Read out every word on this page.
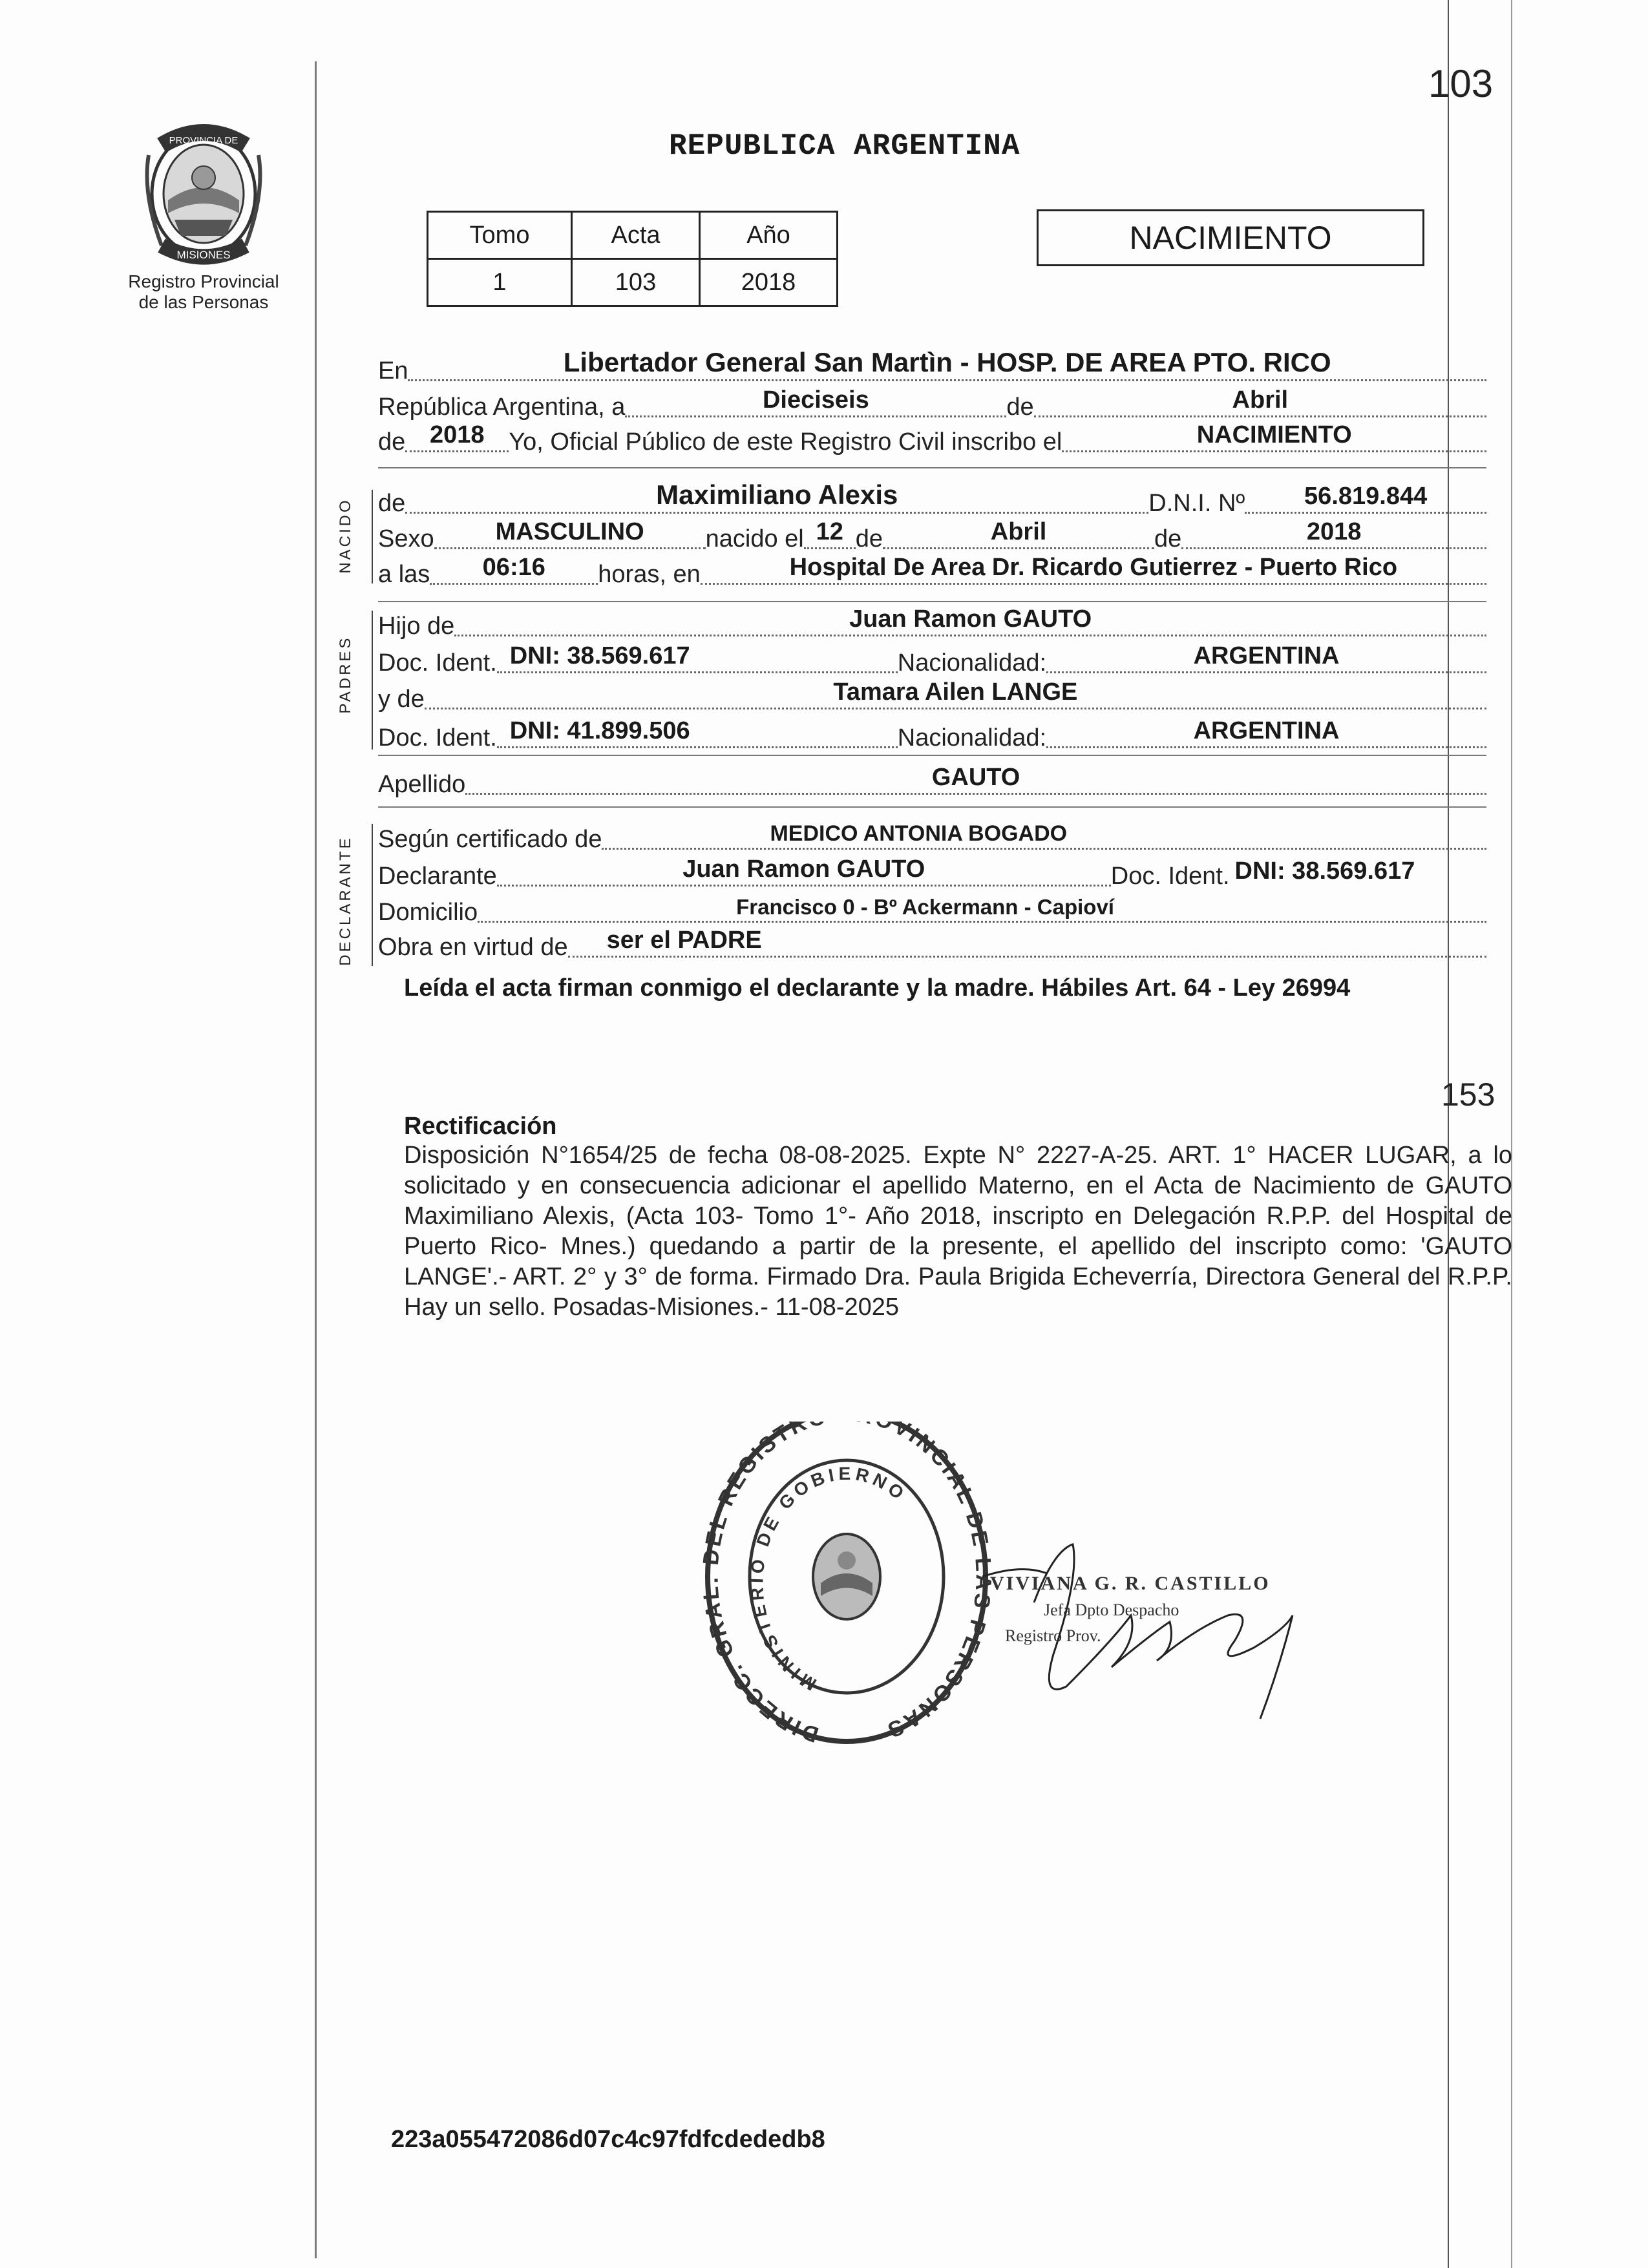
PROVINCIA DE
MISIONES
Registro Provincial
de las Personas
103
REPUBLICA ARGENTINA
Tomo	Acta	Año
1	103	2018
NACIMIENTO
En	Libertador General San Martìn - HOSP. DE AREA PTO. RICO
República Argentina, a	Dieciseis	de	Abril
de 2018 Yo, Oficial Público de este Registro Civil inscribo el	NACIMIENTO
NACIDO de	Maximiliano Alexis	D.N.I. Nº	56.819.844
Sexo	MASCULINO	nacido el 12 de	Abril	de	2018
a las	06:16	horas, en	Hospital De Area Dr. Ricardo Gutierrez - Puerto Rico
PADRES
Hijo de	Juan Ramon GAUTO
Doc. Ident. DNI: 38.569.617	Nacionalidad:	ARGENTINA
y de	Tamara Ailen LANGE
Doc. Ident. DNI: 41.899.506	Nacionalidad:	ARGENTINA
Apellido	GAUTO
DECLARANTE Según certificado de	MEDICO ANTONIA BOGADO
Declarante	Juan Ramon GAUTO	Doc. Ident. DNI: 38.569.617
Domicilio	Francisco 0 - Bº Ackermann - Capioví
Obra en virtud de ser el PADRE
Leída el acta firman conmigo el declarante y la madre. Hábiles Art. 64 - Ley 26994
153
Rectificación
Disposición N°1654/25 de fecha 08-08-2025. Expte N° 2227-A-25. ART. 1° HACER LUGAR, a lo solicitado y en consecuencia adicionar el apellido Materno, en el Acta de Nacimiento de GAUTO Maximiliano Alexis, (Acta 103- Tomo 1°- Año 2018, inscripto en Delegación R.P.P. del Hospital de Puerto Rico- Mnes.) quedando a partir de la presente, el apellido del inscripto como: 'GAUTO LANGE'.- ART. 2° y 3° de forma. Firmado Dra. Paula Brigida Echeverría, Directora General del R.P.P. Hay un sello. Posadas-Misiones.- 11-08-2025
DIRECC. GRAL. DEL REGISTR VINCIAL DE LAS PERSONAS
MINISTERIO DE GOBIERNO
VIVIANA G. R. CASTILLO
Jefa Dpto Despacho
Registro Prov.
223a055472086d07c4c97fdfcdededb8
